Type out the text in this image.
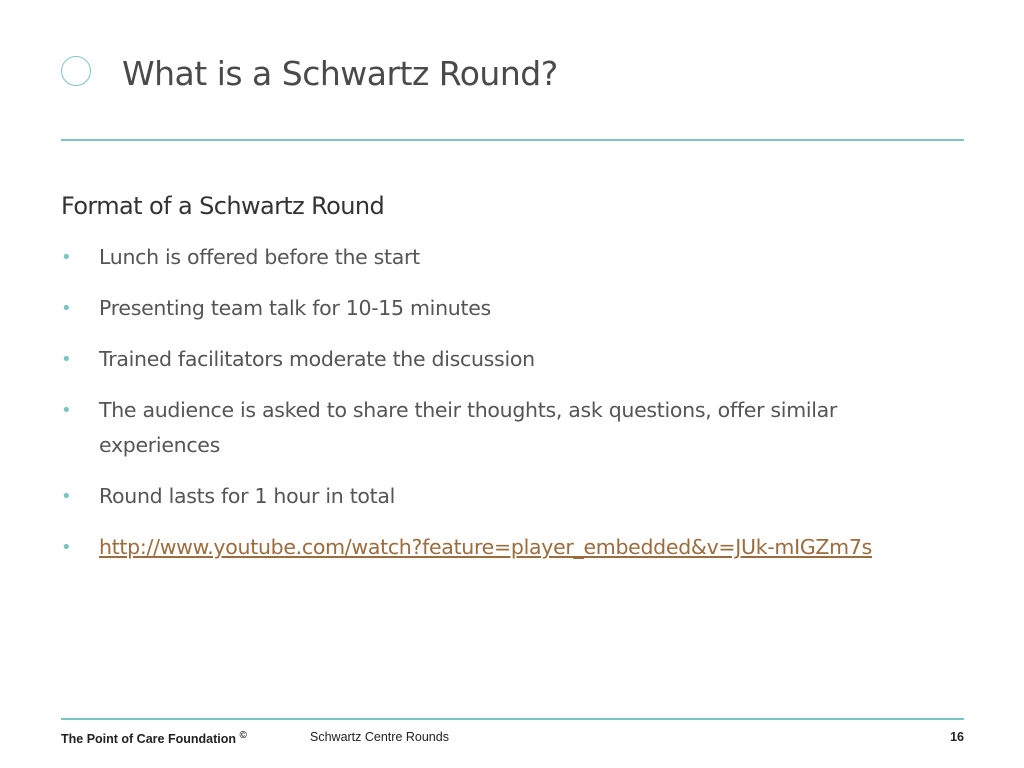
What is a Schwartz Round?
Format of a Schwartz Round
• Lunch is offered before the start
• Presenting team talk for 10-15 minutes
• Trained facilitators moderate the discussion
• The audience is asked to share their thoughts, ask questions, offer similar experiences
• Round lasts for 1 hour in total
• http://www.youtube.com/watch?feature=player_embedded&v=JUk-mIGZm7s
The Point of Care Foundation ©	Schwartz Centre Rounds	16
